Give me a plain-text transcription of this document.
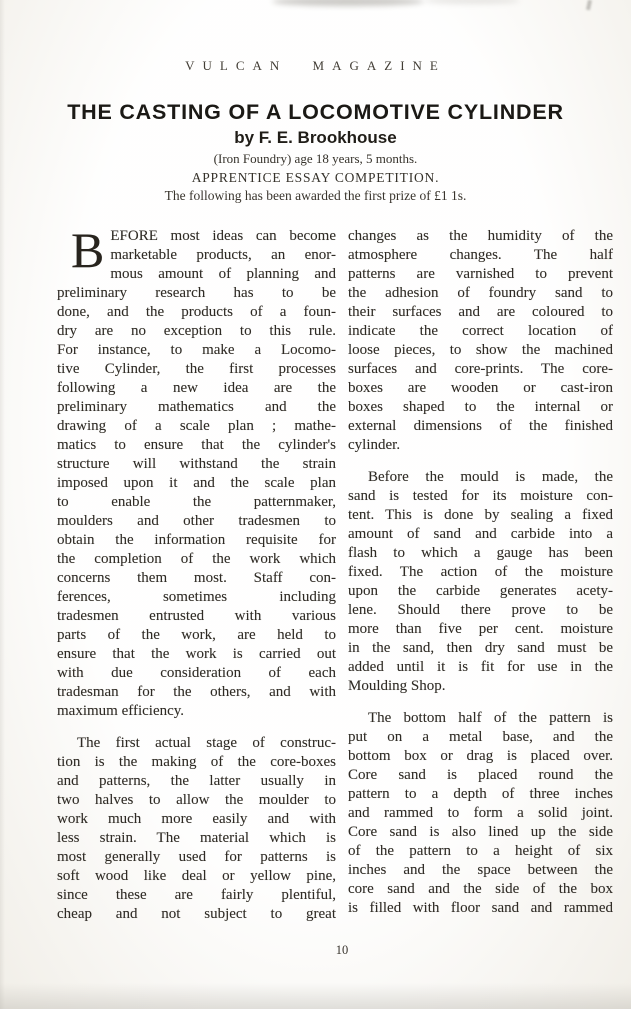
VULCAN MAGAZINE
THE CASTING OF A LOCOMOTIVE CYLINDER
by F. E. Brookhouse
(Iron Foundry) age 18 years, 5 months.
APPRENTICE ESSAY COMPETITION.
The following has been awarded the first prize of £1 1s.
B EFORE most ideas can become
marketable products, an enor-
mous amount of planning and
preliminary research has to be
done, and the products of a foun-
dry are no exception to this rule.
For instance, to make a Locomo-
tive Cylinder, the first processes
following a new idea are the
preliminary mathematics and the
drawing of a scale plan ; mathe-
matics to ensure that the cylinder's
structure will withstand the strain
imposed upon it and the scale plan
to enable the patternmaker,
moulders and other tradesmen to
obtain the information requisite for
the completion of the work which
concerns them most. Staff con-
ferences, sometimes including
tradesmen entrusted with various
parts of the work, are held to
ensure that the work is carried out
with due consideration of each
tradesman for the others, and with
maximum efficiency.
The first actual stage of construc-
tion is the making of the core-boxes
and patterns, the latter usually in
two halves to allow the moulder to
work much more easily and with
less strain. The material which is
most generally used for patterns is
soft wood like deal or yellow pine,
since these are fairly plentiful,
cheap and not subject to great
changes as the humidity of the
atmosphere changes. The half
patterns are varnished to prevent
the adhesion of foundry sand to
their surfaces and are coloured to
indicate the correct location of
loose pieces, to show the machined
surfaces and core-prints. The core-
boxes are wooden or cast-iron
boxes shaped to the internal or
external dimensions of the finished
cylinder.
Before the mould is made, the
sand is tested for its moisture con-
tent. This is done by sealing a fixed
amount of sand and carbide into a
flash to which a gauge has been
fixed. The action of the moisture
upon the carbide generates acety-
lene. Should there prove to be
more than five per cent. moisture
in the sand, then dry sand must be
added until it is fit for use in the
Moulding Shop.
The bottom half of the pattern is
put on a metal base, and the
bottom box or drag is placed over.
Core sand is placed round the
pattern to a depth of three inches
and rammed to form a solid joint.
Core sand is also lined up the side
of the pattern to a height of six
inches and the space between the
core sand and the side of the box
is filled with floor sand and rammed
10
